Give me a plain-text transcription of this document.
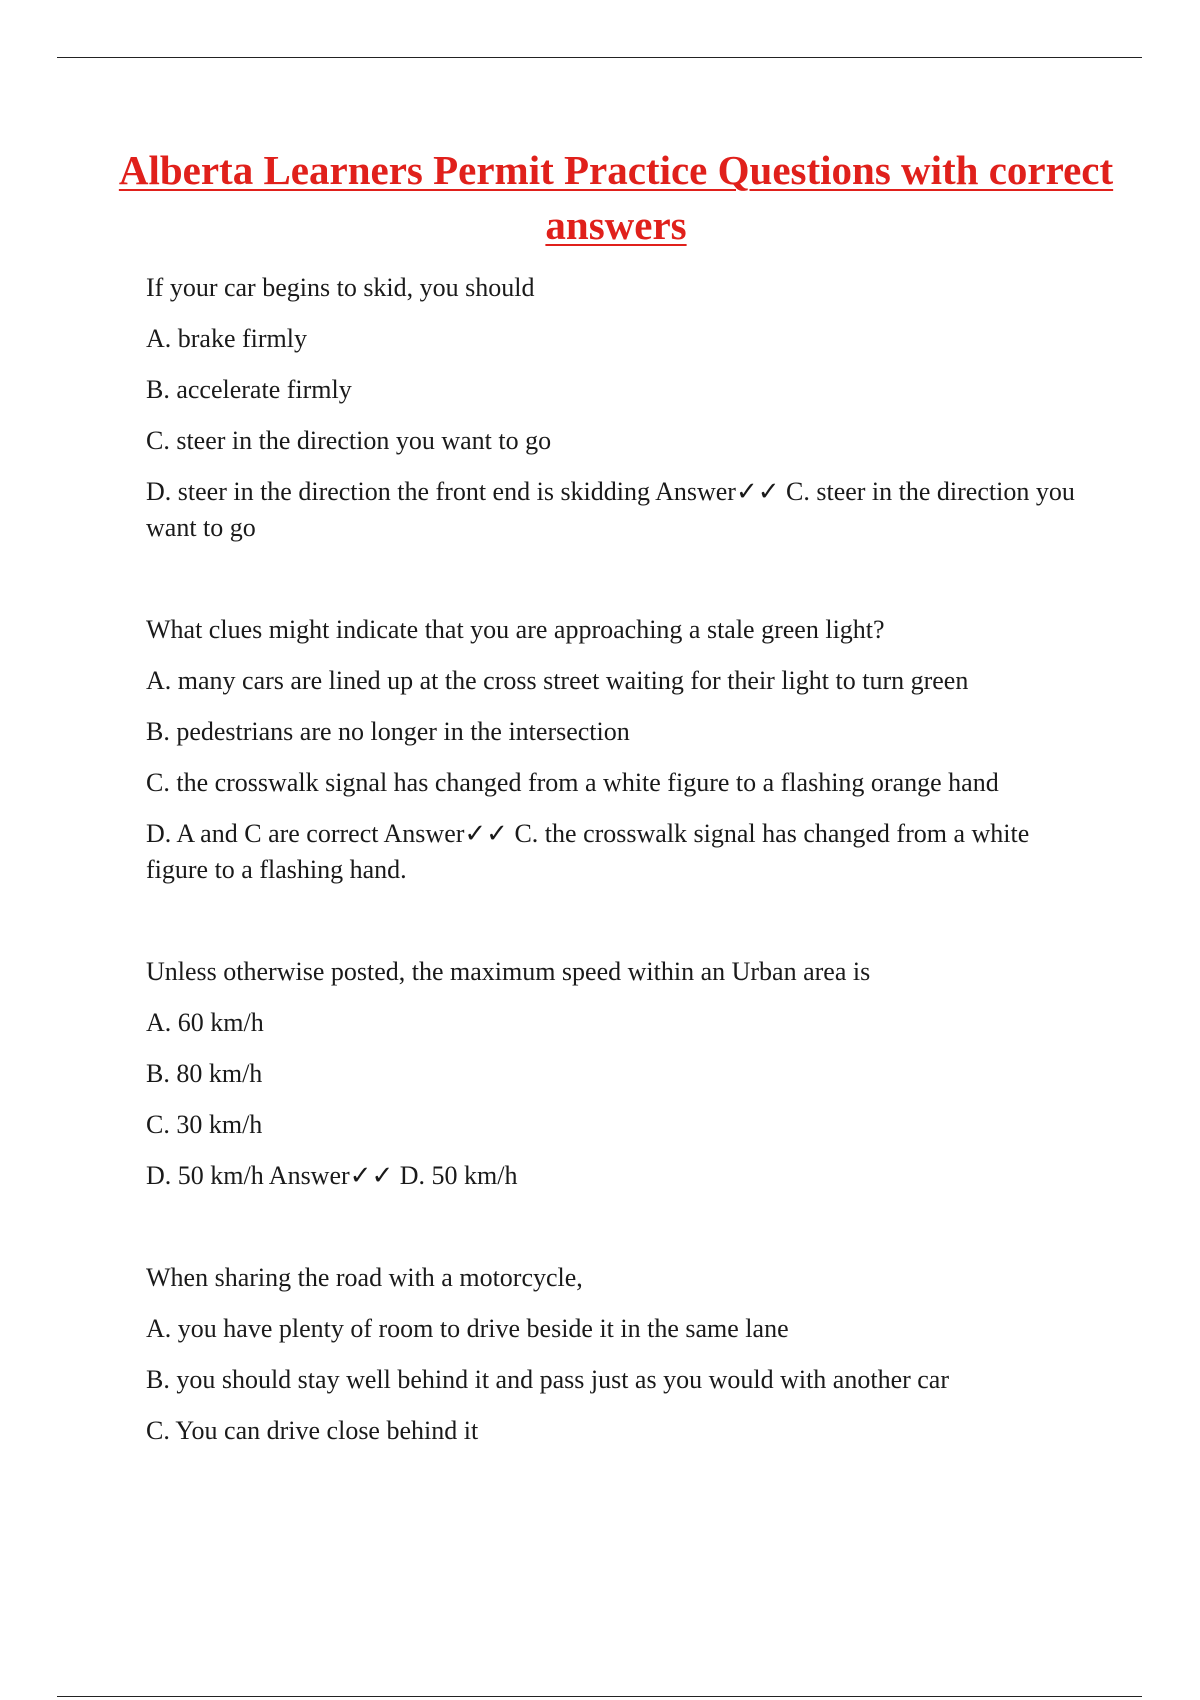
Alberta Learners Permit Practice Questions with correct answers

If your car begins to skid, you should

A. brake firmly

B. accelerate firmly

C. steer in the direction you want to go

D. steer in the direction the front end is skidding Answer✓✓ C. steer in the direction you want to go

What clues might indicate that you are approaching a stale green light?

A. many cars are lined up at the cross street waiting for their light to turn green

B. pedestrians are no longer in the intersection

C. the crosswalk signal has changed from a white figure to a flashing orange hand

D. A and C are correct Answer✓✓ C. the crosswalk signal has changed from a white figure to a flashing hand.

Unless otherwise posted, the maximum speed within an Urban area is

A. 60 km/h

B. 80 km/h

C. 30 km/h

D. 50 km/h Answer✓✓ D. 50 km/h

When sharing the road with a motorcycle,

A. you have plenty of room to drive beside it in the same lane

B. you should stay well behind it and pass just as you would with another car

C. You can drive close behind it
